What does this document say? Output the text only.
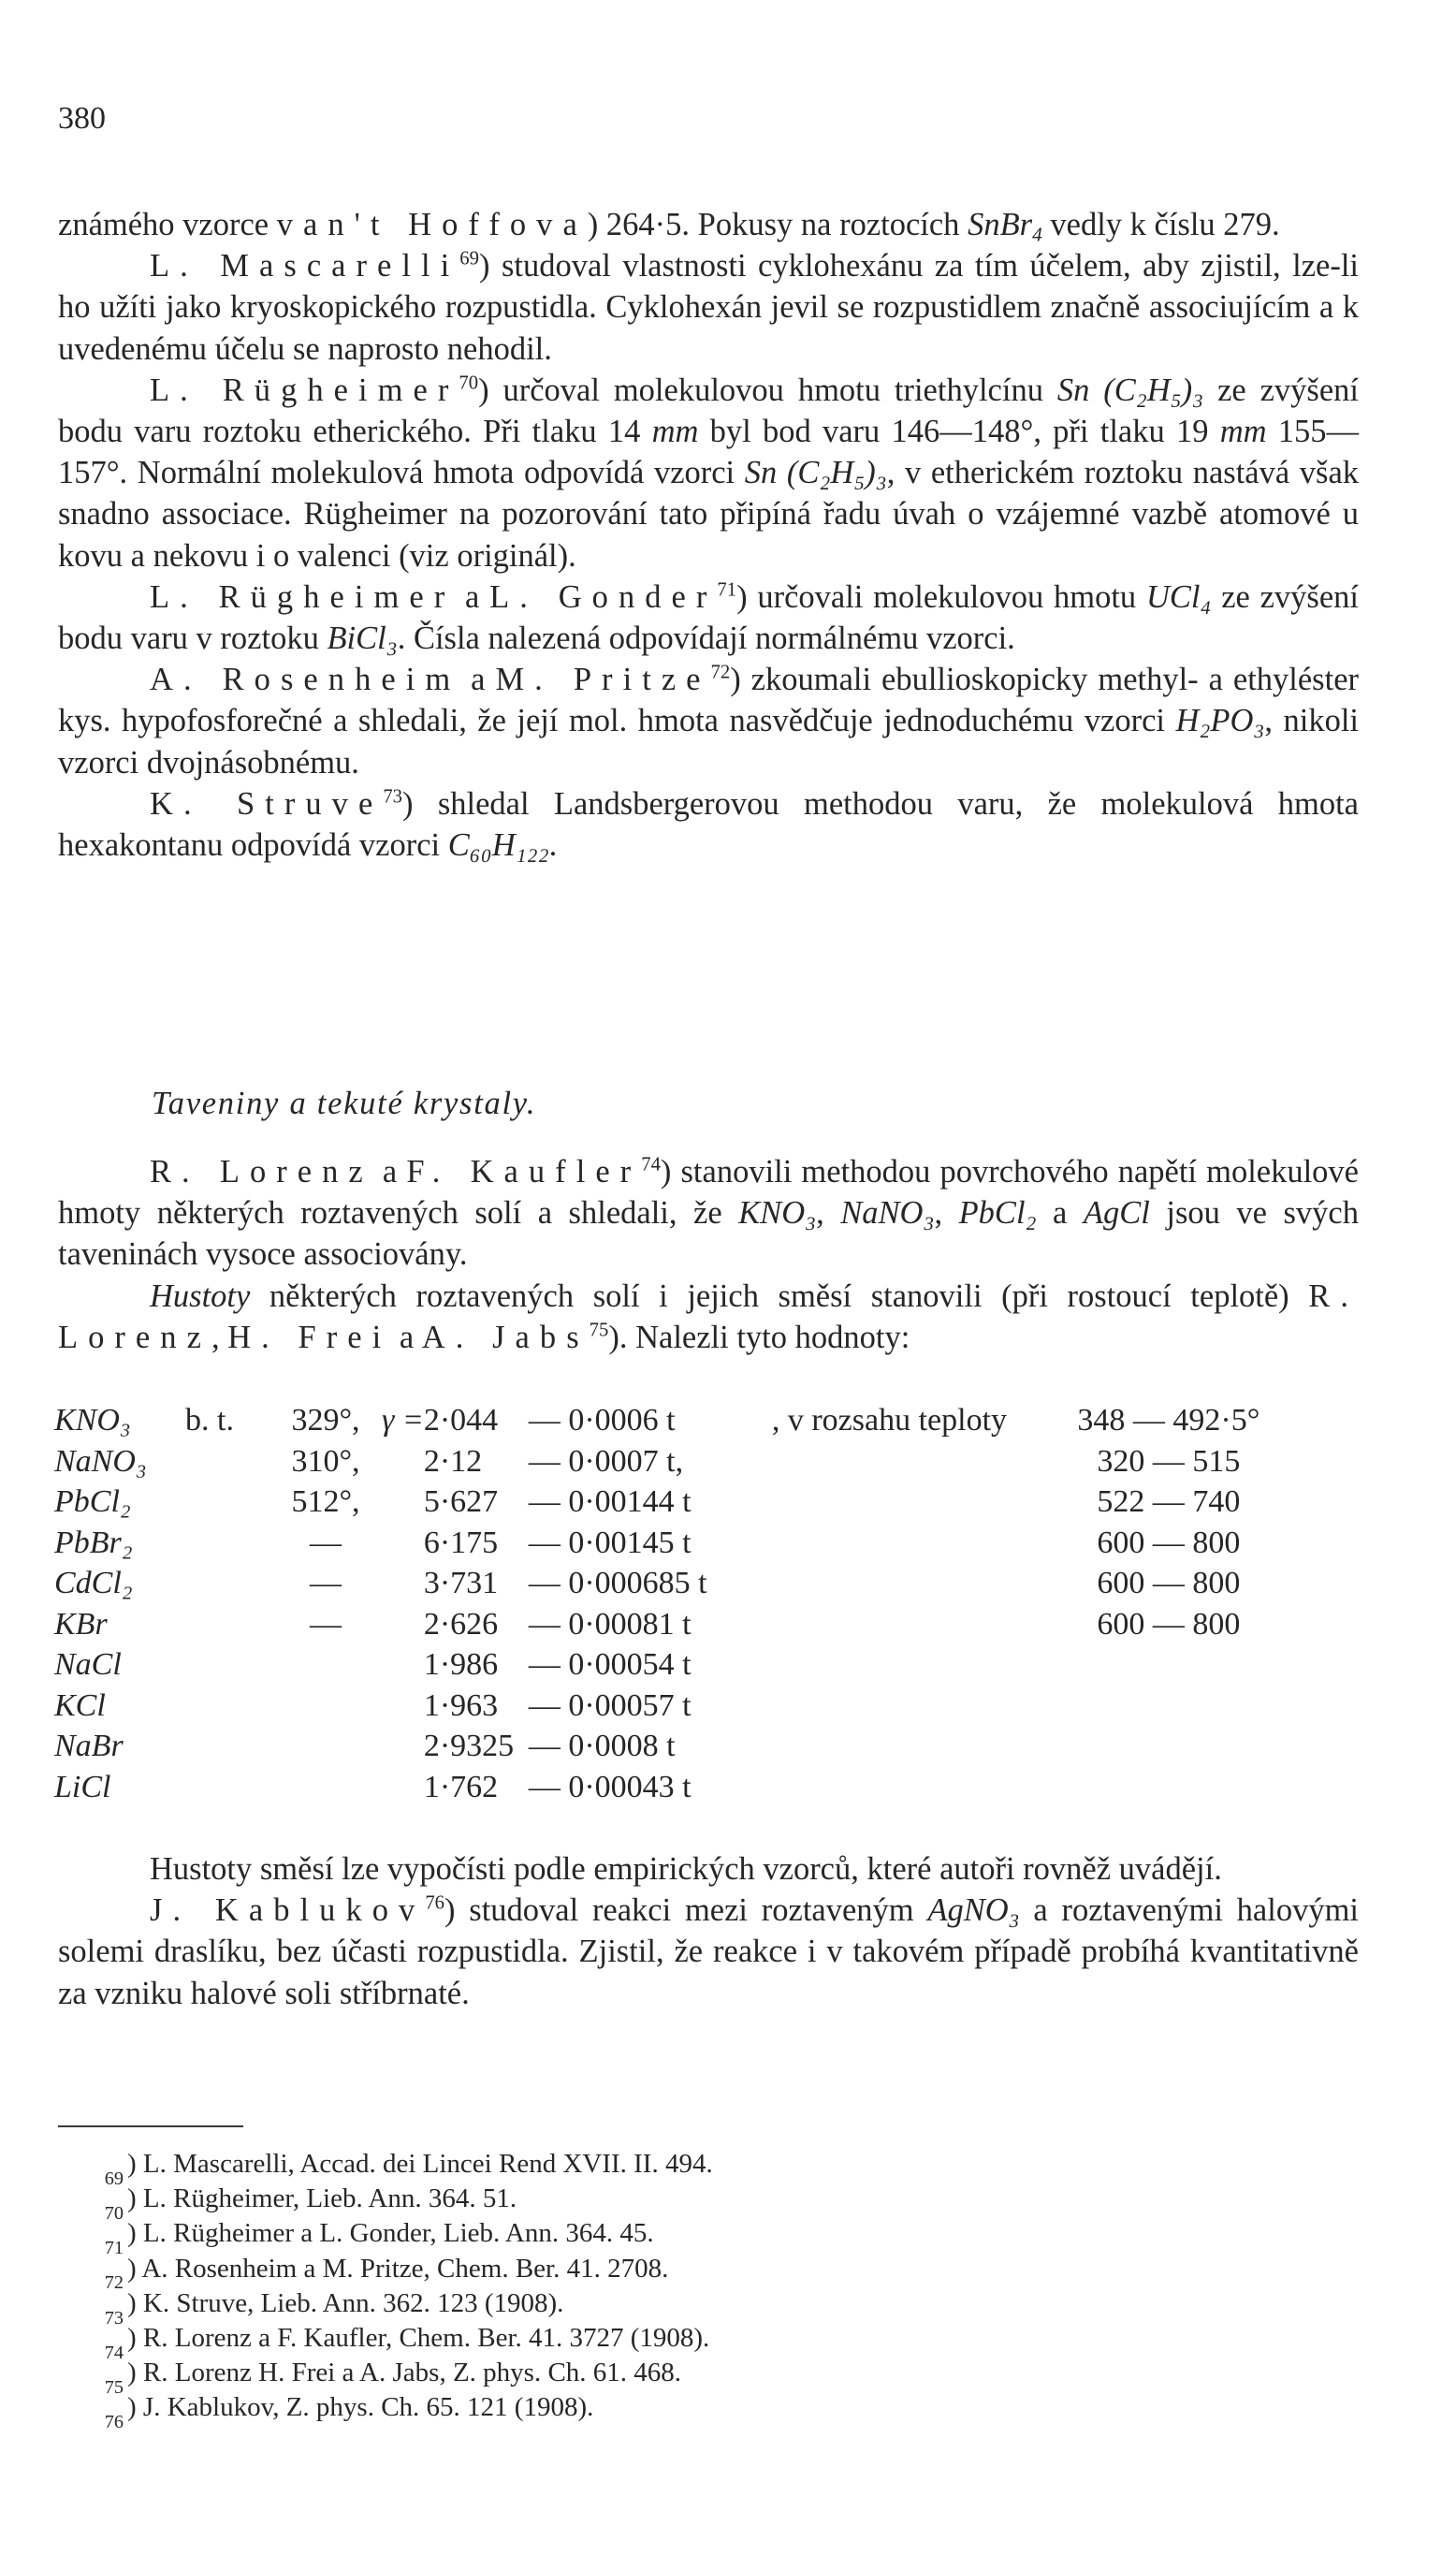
380

známého vzorce van't Hoffova) 264·5. Pokusy na roztocích SnBr$_4$ vedly k číslu 279.

L. Mascarelli$^{69}$) studoval vlastnosti cyklohexánu za tím účelem, aby zjistil, lze-li ho užíti jako kryoskopického rozpustidla. Cyklohexán jevil se rozpustidlem značně associujícím a k uvedenému účelu se naprosto nehodil.

L. Rügheimer$^{70}$) určoval molekulovou hmotu triethylcínu Sn (C₂H₅)₃ ze zvýšení bodu varu roztoku etherického. Při tlaku 14 mm byl bod varu 146—148°, při tlaku 19 mm 155—157°. Normální molekulová hmota odpovídá vzorci Sn (C₂H₅)₃, v etherickém roztoku nastává však snadno associace. Rügheimer na pozorování tato připíná řadu úvah o vzájemné vazbě atomové u kovu a nekovu i o valenci (viz originál).

L. Rügheimer a L. Gonder$^{71}$) určovali molekulovou hmotu UCl₄ ze zvýšení bodu varu v roztoku BiCl₃. Čísla nalezená odpovídají normálnému vzorci.

A. Rosenheim a M. Pritze$^{72}$) zkoumali ebullioskopicky methyl- a ethyléster kys. hypofosforečné a shledali, že její mol. hmota nasvědčuje jednoduchému vzorci H₂PO₃, nikoli vzorci dvojnásobnému.

K. Struve$^{73}$) shledal Landsbergerovou methodou varu, že molekulová hmota hexakontanu odpovídá vzorci C₆₀H₁₂₂.

Taveniny a tekuté krystaly.

R. Lorenz a F. Kaufler$^{74}$) stanovili methodou povrchového napětí molekulové hmoty některých roztavených solí a shledali, že KNO₃, NaNO₃, PbCl₂ a AgCl jsou ve svých taveninách vysoce associovány.

Hustoty některých roztavených solí i jejich směsí stanovili (při rostoucí teplotě) R. Lorenz, H. Frei a A. Jabs$^{75}$). Nalezli tyto hodnoty:

KNO₃	b. t.	329°,	γ =	2·044	— 0·0006 t	, v rozsahu teploty	348 — 492·5°
NaNO₃		310°,		2·12	— 0·0007 t,		320 — 515
PbCl₂		512°,		5·627	— 0·00144 t		522 — 740
PbBr₂		—		6·175	— 0·00145 t		600 — 800
CdCl₂		—		3·731	— 0·000685 t		600 — 800
KBr		—		2·626	— 0·00081 t		600 — 800
NaCl				1·986	— 0·00054 t		
KCl				1·963	— 0·00057 t		
NaBr				2·9325	— 0·0008 t		
LiCl				1·762	— 0·00043 t		

Hustoty směsí lze vypočísti podle empirických vzorců, které autoři rovněž uvádějí.

J. Kablukov$^{76}$) studoval reakci mezi roztaveným AgNO₃ a roztavenými halovými solemi draslíku, bez účasti rozpustidla. Zjistil, že reakce i v takovém případě probíhá kvantitativně za vzniku halové soli stříbrnaté.

69 ) L. Mascarelli, Accad. dei Lincei Rend XVII. II. 494.
70 ) L. Rügheimer, Lieb. Ann. 364. 51.
71 ) L. Rügheimer a L. Gonder, Lieb. Ann. 364. 45.
72 ) A. Rosenheim a M. Pritze, Chem. Ber. 41. 2708.
73 ) K. Struve, Lieb. Ann. 362. 123 (1908).
74 ) R. Lorenz a F. Kaufler, Chem. Ber. 41. 3727 (1908).
75 ) R. Lorenz H. Frei a A. Jabs, Z. phys. Ch. 61. 468.
76 ) J. Kablukov, Z. phys. Ch. 65. 121 (1908).
